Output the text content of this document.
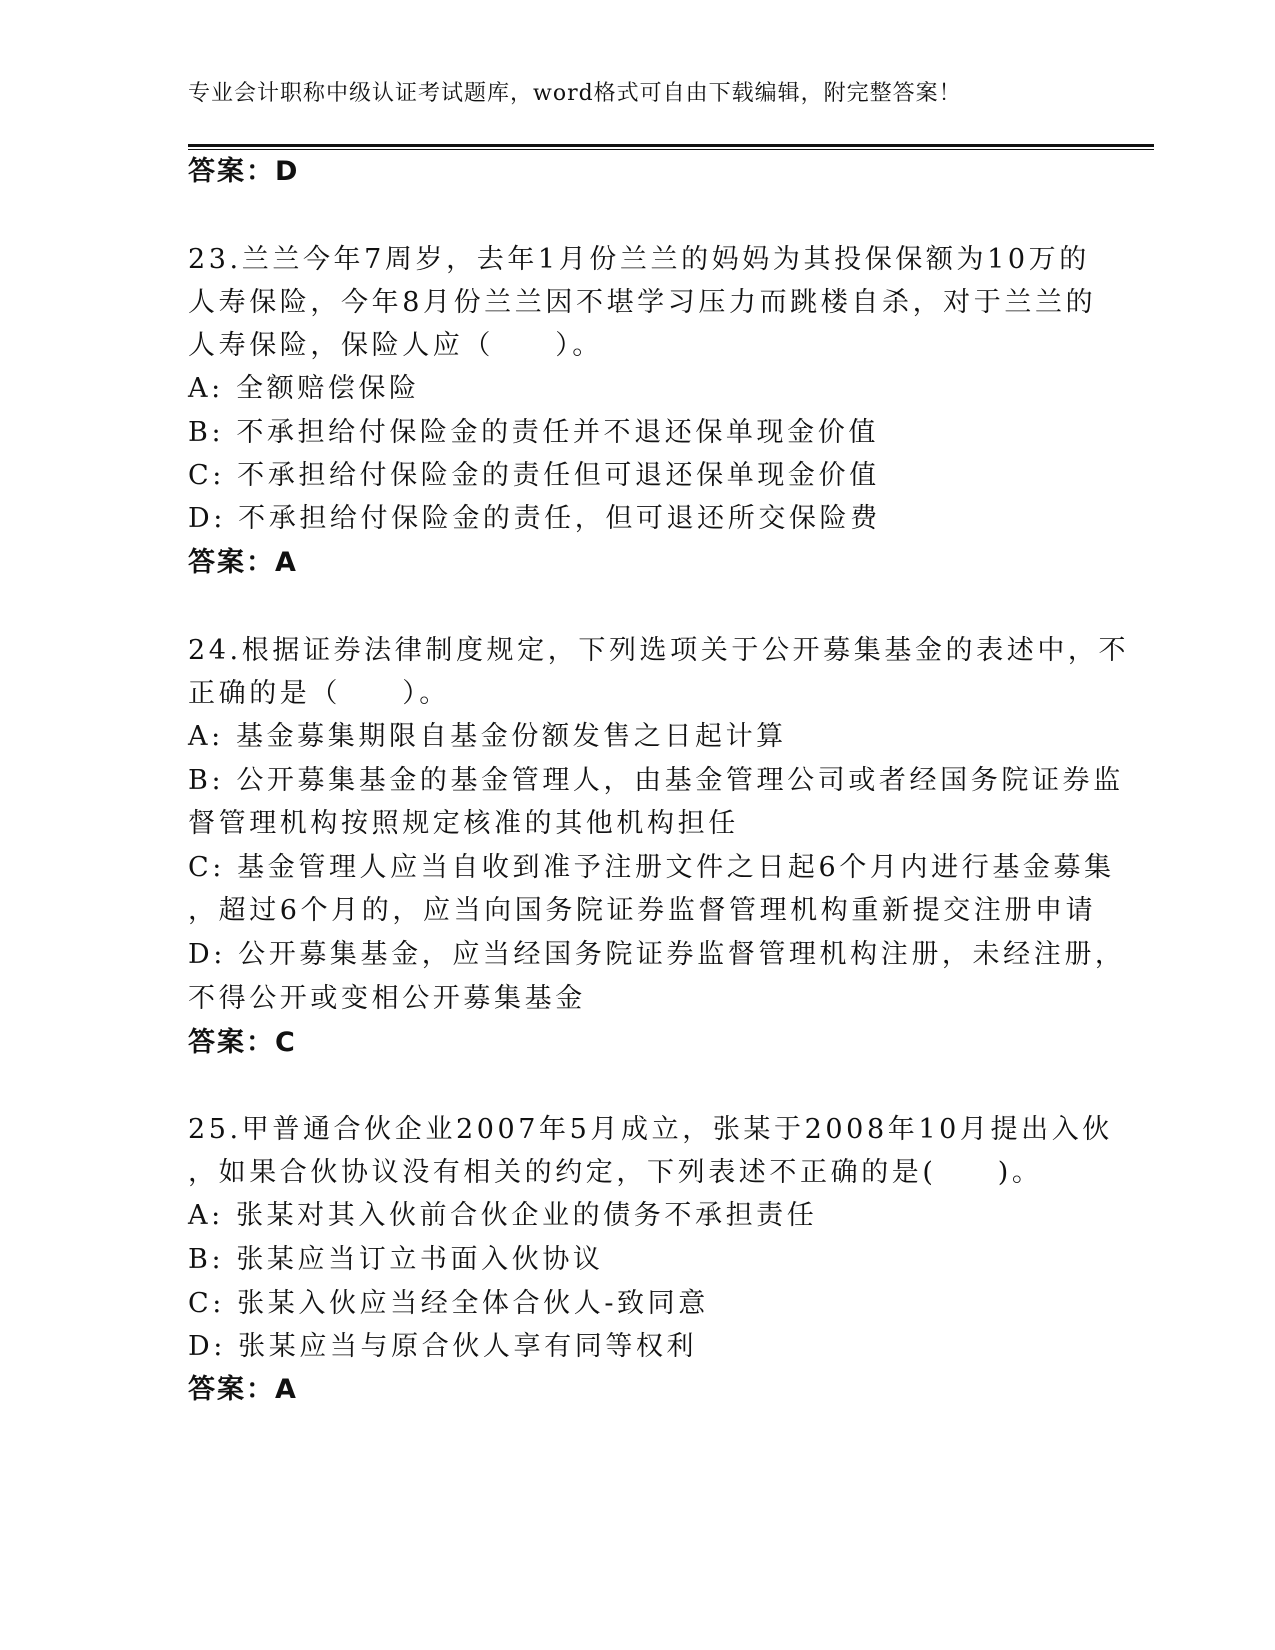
专业会计职称中级认证考试题库，word格式可自由下载编辑，附完整答案！
答案：D
23.兰兰今年7周岁，去年1月份兰兰的妈妈为其投保保额为10万的
人寿保险，今年8月份兰兰因不堪学习压力而跳楼自杀，对于兰兰的
人寿保险，保险人应（　　）。
A: 全额赔偿保险
B: 不承担给付保险金的责任并不退还保单现金价值
C: 不承担给付保险金的责任但可退还保单现金价值
D: 不承担给付保险金的责任，但可退还所交保险费
答案：A
24.根据证券法律制度规定，下列选项关于公开募集基金的表述中，不
正确的是（　　）。
A: 基金募集期限自基金份额发售之日起计算
B: 公开募集基金的基金管理人，由基金管理公司或者经国务院证券监
督管理机构按照规定核准的其他机构担任
C: 基金管理人应当自收到准予注册文件之日起6个月内进行基金募集
，超过6个月的，应当向国务院证券监督管理机构重新提交注册申请
D: 公开募集基金，应当经国务院证券监督管理机构注册，未经注册，
不得公开或变相公开募集基金
答案：C
25.甲普通合伙企业2007年5月成立，张某于2008年10月提出入伙
，如果合伙协议没有相关的约定，下列表述不正确的是(　　)。
A: 张某对其入伙前合伙企业的债务不承担责任
B: 张某应当订立书面入伙协议
C: 张某入伙应当经全体合伙人-致同意
D: 张某应当与原合伙人享有同等权利
答案：A
